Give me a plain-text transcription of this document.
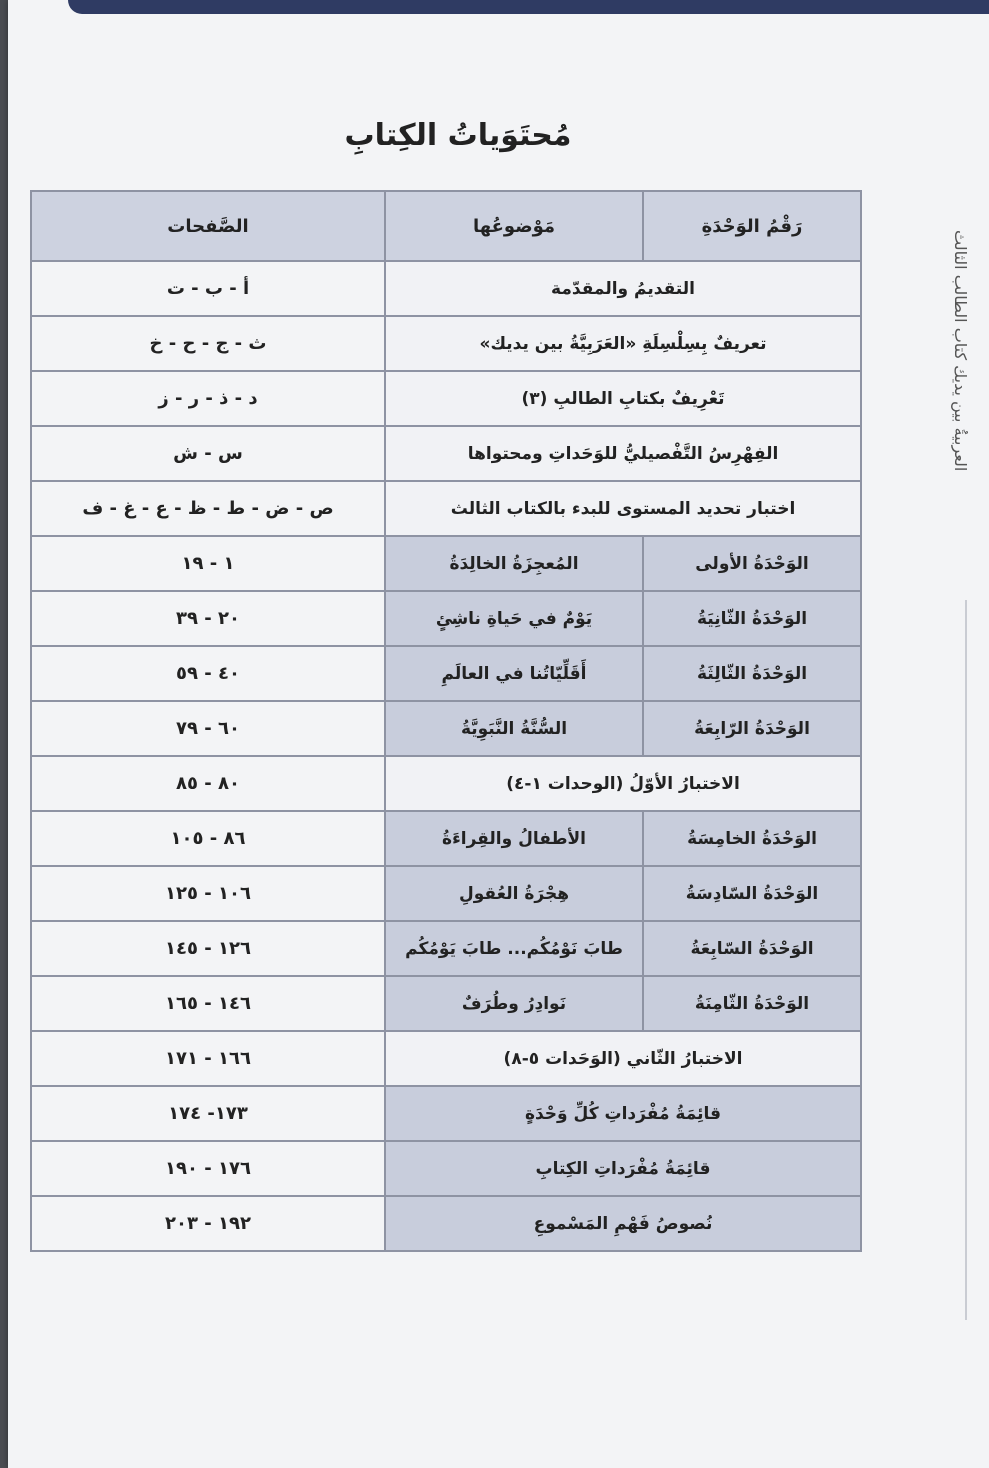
مُحتَوَياتُ الكِتابِ
رَقْمُ الوَحْدَةِ	مَوْضوعُها	الصَّفحات
التقديمُ والمقدّمة		أ - ب - ت
تعريفٌ بِسِلْسِلَةِ «العَرَبِيَّةُ بين يديك»		ث - ج - ح - خ
تَعْرِيفٌ بكتابِ الطالبِ (٣)		د - ذ - ر - ز
الفِهْرِسُ التَّفْصيليُّ للوَحَداتِ ومحتواها		س - ش
اختبار تحديد المستوى للبدء بالكتاب الثالث		ص - ض - ط - ظ - ع - غ - ف
الوَحْدَةُ الأولى	المُعجِزَةُ الخالِدَةُ	١ - ١٩
الوَحْدَةُ الثّانِيَةُ	يَوْمٌ في حَياةِ ناشِئٍ	٢٠ - ٣٩
الوَحْدَةُ الثّالِثَةُ	أَقَلِّيّاتُنا في العالَمِ	٤٠ - ٥٩
الوَحْدَةُ الرّابِعَةُ	السُّنَّةُ النَّبَوِيَّةُ	٦٠ - ٧٩
الاختبارُ الأوّلُ (الوحدات ١-٤)		٨٠ - ٨٥
الوَحْدَةُ الخامِسَةُ	الأطفالُ والقِراءَةُ	٨٦ - ١٠٥
الوَحْدَةُ السّادِسَةُ	هِجْرَةُ العُقولِ	١٠٦ - ١٢٥
الوَحْدَةُ السّابِعَةُ	طابَ نَوْمُكُم... طابَ يَوْمُكُم	١٢٦ - ١٤٥
الوَحْدَةُ الثّامِنَةُ	نَوادِرُ وطُرَفٌ	١٤٦ - ١٦٥
الاختبارُ الثّاني (الوَحَدات ٥-٨)		١٦٦ - ١٧١
قائِمَةُ مُفْرَداتِ كُلِّ وَحْدَةٍ		١٧٣- ١٧٤
قائِمَةُ مُفْرَداتِ الكِتابِ		١٧٦ - ١٩٠
نُصوصُ فَهْمِ المَسْموعِ		١٩٢ - ٢٠٣
العربيةُ بين يديك كتاب الطالب الثالث
